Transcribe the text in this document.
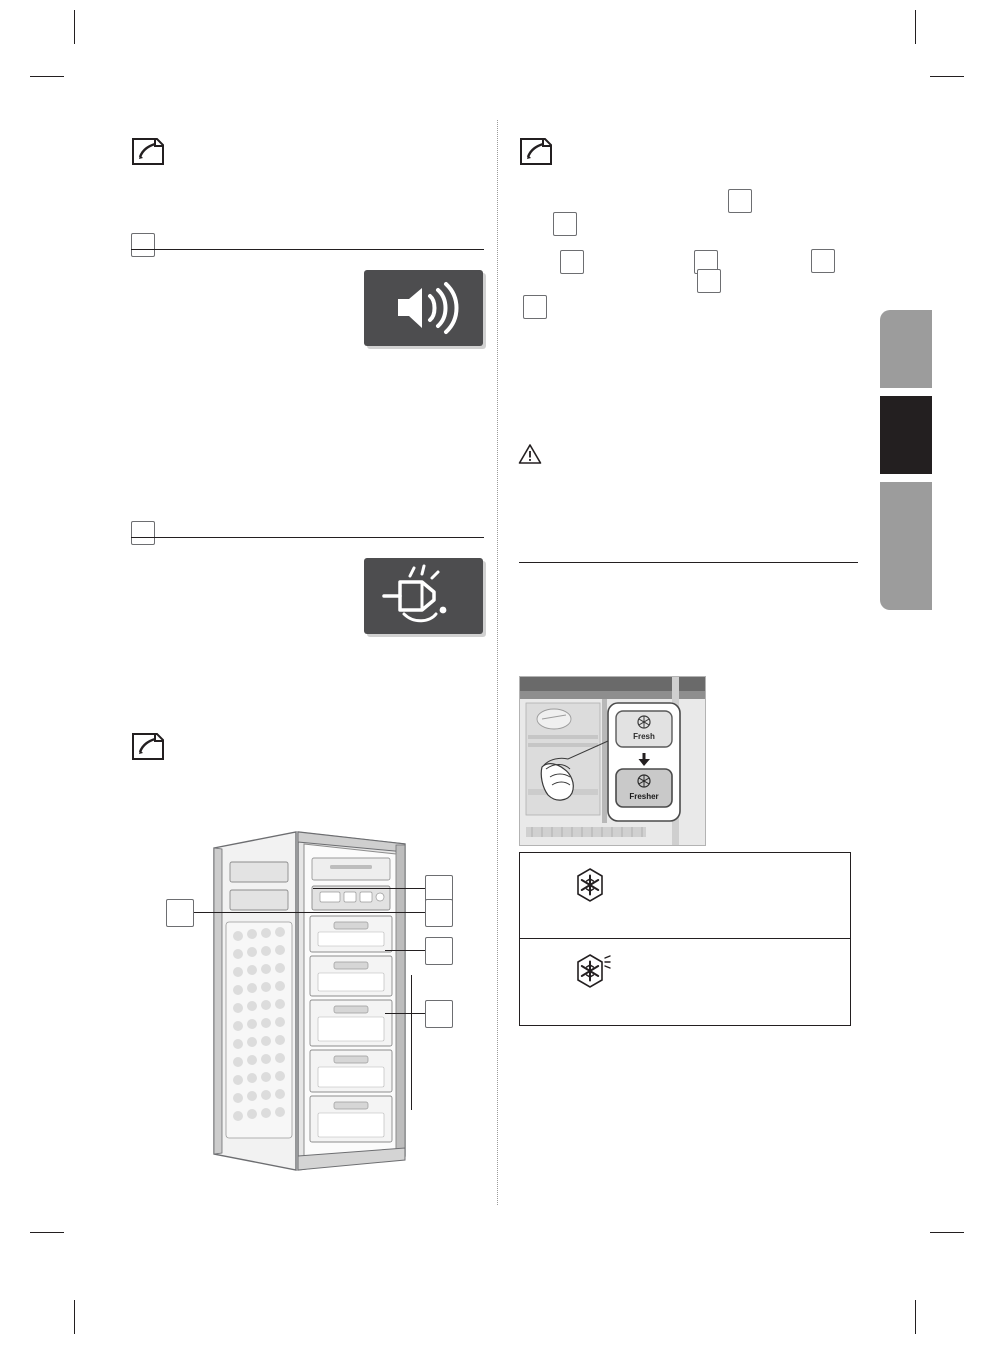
Fresh
Fresher
